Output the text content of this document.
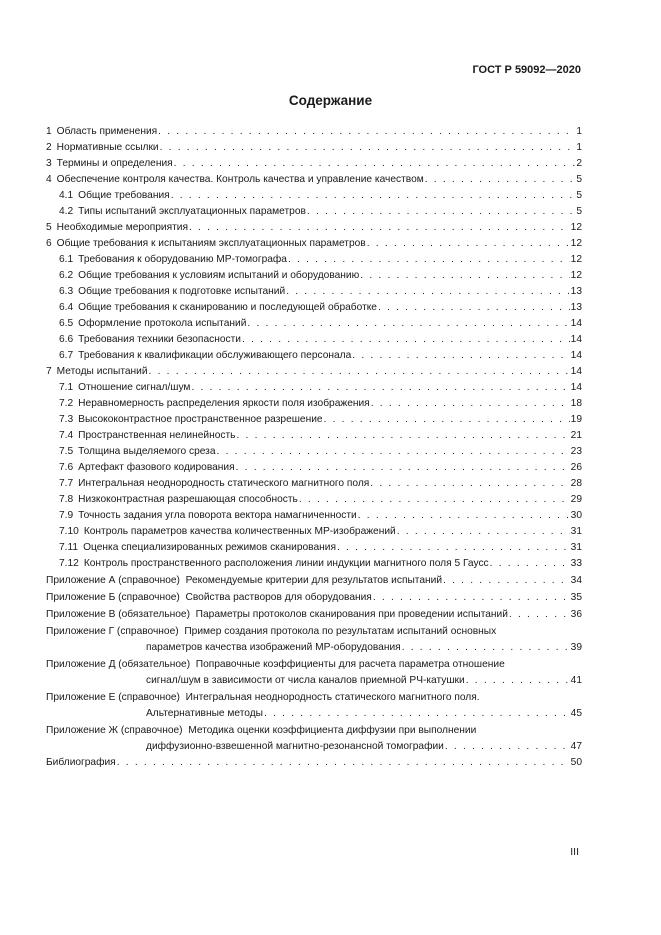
ГОСТ Р 59092—2020
Содержание
1 Область применения . . .	1
2 Нормативные ссылки . . .	1
3 Термины и определения . . .	2
4 Обеспечение контроля качества. Контроль качества и управление качеством . . .	5
4.1 Общие требования . . .	5
4.2 Типы испытаний эксплуатационных параметров . . .	5
5 Необходимые мероприятия . . .	12
6 Общие требования к испытаниям эксплуатационных параметров . . .	12
6.1 Требования к оборудованию МР-томографа . . .	12
6.2 Общие требования к условиям испытаний и оборудованию . . .	12
6.3 Общие требования к подготовке испытаний . . .	13
6.4 Общие требования к сканированию и последующей обработке . . .	13
6.5 Оформление протокола испытаний . . .	14
6.6 Требования техники безопасности . . .	14
6.7 Требования к квалификации обслуживающего персонала . . .	14
7 Методы испытаний . . .	14
7.1 Отношение сигнал/шум . . .	14
7.2 Неравномерность распределения яркости поля изображения . . .	18
7.3 Высококонтрастное пространственное разрешение . . .	19
7.4 Пространственная нелинейность . . .	21
7.5 Толщина выделяемого среза . . .	23
7.6 Артефакт фазового кодирования . . .	26
7.7 Интегральная неоднородность статического магнитного поля . . .	28
7.8 Низкоконтрастная разрешающая способность . . .	29
7.9 Точность задания угла поворота вектора намагниченности . . .	30
7.10 Контроль параметров качества количественных МР-изображений . . .	31
7.11 Оценка специализированных режимов сканирования . . .	31
7.12 Контроль пространственного расположения линии индукции магнитного поля 5 Гаусс . . .	33
Приложение А (справочное) Рекомендуемые критерии для результатов испытаний . . .	34
Приложение Б (справочное) Свойства растворов для оборудования . . .	35
Приложение В (обязательное) Параметры протоколов сканирования при проведении испытаний . . .	36
Приложение Г (справочное) Пример создания протокола по результатам испытаний основных
параметров качества изображений МР-оборудования . . .	39
Приложение Д (обязательное) Поправочные коэффициенты для расчета параметра отношение
сигнал/шум в зависимости от числа каналов приемной РЧ-катушки . . .	41
Приложение Е (справочное) Интегральная неоднородность статического магнитного поля.
Альтернативные методы . . .	45
Приложение Ж (справочное) Методика оценки коэффициента диффузии при выполнении
диффузионно-взвешенной магнитно-резонансной томографии . . .	47
Библиография . . .	50
III
